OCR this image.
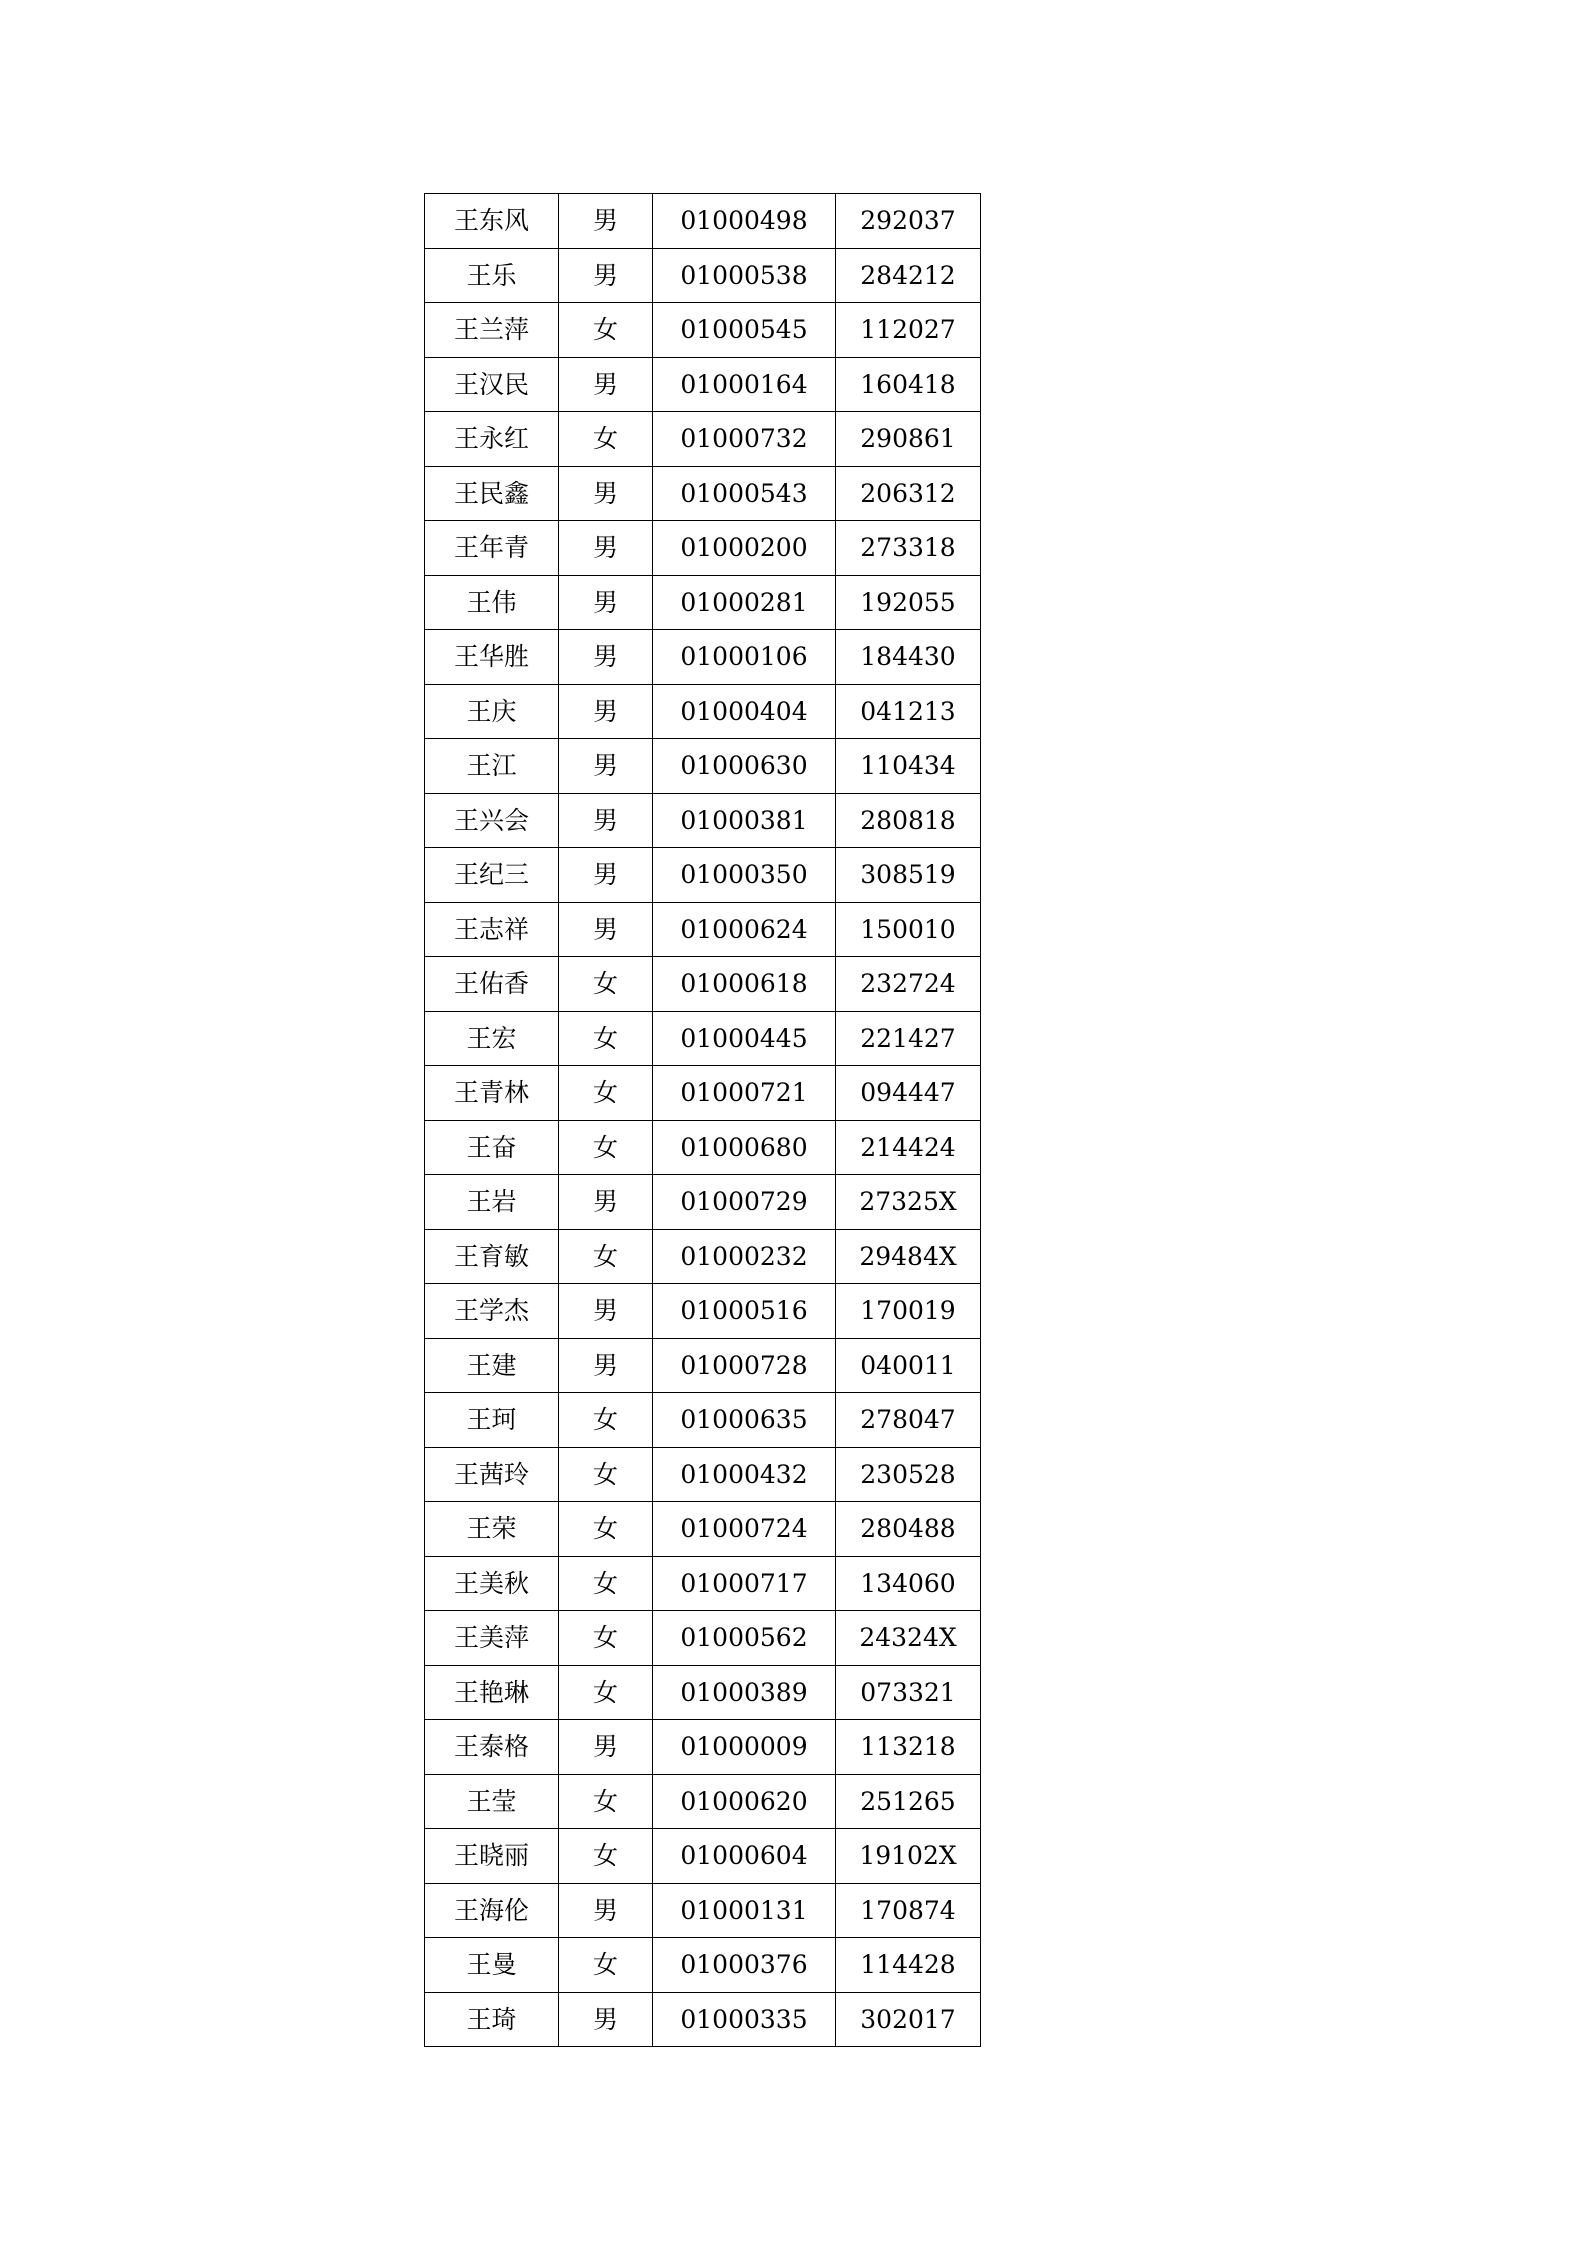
王东风	男	01000498	292037
王乐	男	01000538	284212
王兰萍	女	01000545	112027
王汉民	男	01000164	160418
王永红	女	01000732	290861
王民鑫	男	01000543	206312
王年青	男	01000200	273318
王伟	男	01000281	192055
王华胜	男	01000106	184430
王庆	男	01000404	041213
王江	男	01000630	110434
王兴会	男	01000381	280818
王纪三	男	01000350	308519
王志祥	男	01000624	150010
王佑香	女	01000618	232724
王宏	女	01000445	221427
王青林	女	01000721	094447
王奋	女	01000680	214424
王岩	男	01000729	27325X
王育敏	女	01000232	29484X
王学杰	男	01000516	170019
王建	男	01000728	040011
王珂	女	01000635	278047
王茜玲	女	01000432	230528
王荣	女	01000724	280488
王美秋	女	01000717	134060
王美萍	女	01000562	24324X
王艳琳	女	01000389	073321
王泰格	男	01000009	113218
王莹	女	01000620	251265
王晓丽	女	01000604	19102X
王海伦	男	01000131	170874
王曼	女	01000376	114428
王琦	男	01000335	302017
